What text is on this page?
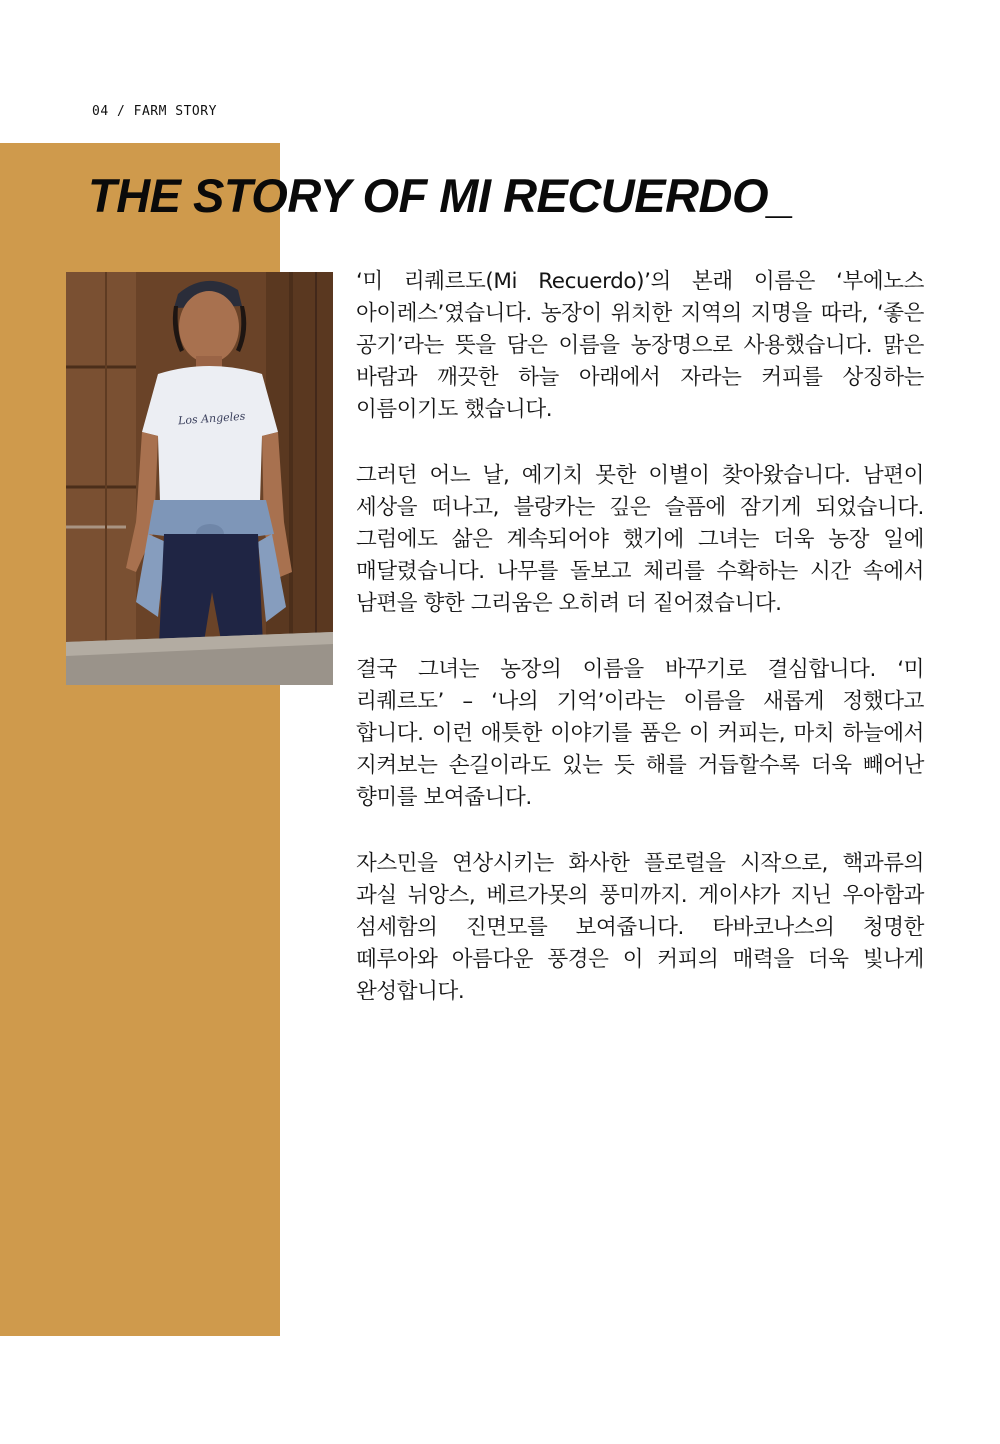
04 / FARM STORY
THE STORY OF MI RECUERDO_
Los Angeles

‘미 리퀘르도(Mi Recuerdo)’의 본래 이름은 ‘부에노스 아이레스’였습니다. 농장이 위치한 지역의 지명을 따라, ‘좋은 공기’라는 뜻을 담은 이름을 농장명으로 사용했습니다. 맑은 바람과 깨끗한 하늘 아래에서 자라는 커피를 상징하는 이름이기도 했습니다.

그러던 어느 날, 예기치 못한 이별이 찾아왔습니다. 남편이 세상을 떠나고, 블랑카는 깊은 슬픔에 잠기게 되었습니다. 그럼에도 삶은 계속되어야 했기에 그녀는 더욱 농장 일에 매달렸습니다. 나무를 돌보고 체리를 수확하는 시간 속에서 남편을 향한 그리움은 오히려 더 짙어졌습니다.

결국 그녀는 농장의 이름을 바꾸기로 결심합니다. ‘미 리퀘르도’ – ‘나의 기억’이라는 이름을 새롭게 정했다고 합니다. 이런 애틋한 이야기를 품은 이 커피는, 마치 하늘에서 지켜보는 손길이라도 있는 듯 해를 거듭할수록 더욱 빼어난 향미를 보여줍니다.

자스민을 연상시키는 화사한 플로럴을 시작으로, 핵과류의 과실 뉘앙스, 베르가못의 풍미까지. 게이샤가 지닌 우아함과 섬세함의 진면모를 보여줍니다. 타바코나스의 청명한 떼루아와 아름다운 풍경은 이 커피의 매력을 더욱 빛나게 완성합니다.
